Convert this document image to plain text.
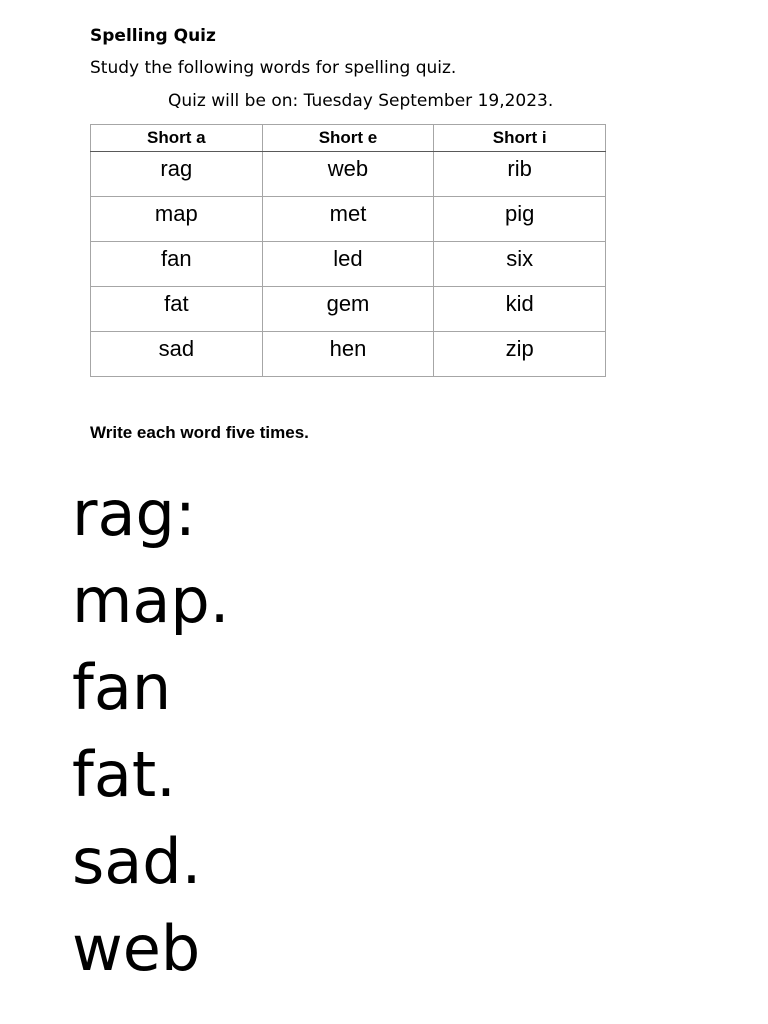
Spelling Quiz
Study the following words for spelling quiz.
Quiz will be on: Tuesday September 19,2023.
Short a	Short e	Short i
rag	web	rib
map	met	pig
fan	led	six
fat	gem	kid
sad	hen	zip
Write each word five times.
rag:
map.
fan
fat.
sad.
web
